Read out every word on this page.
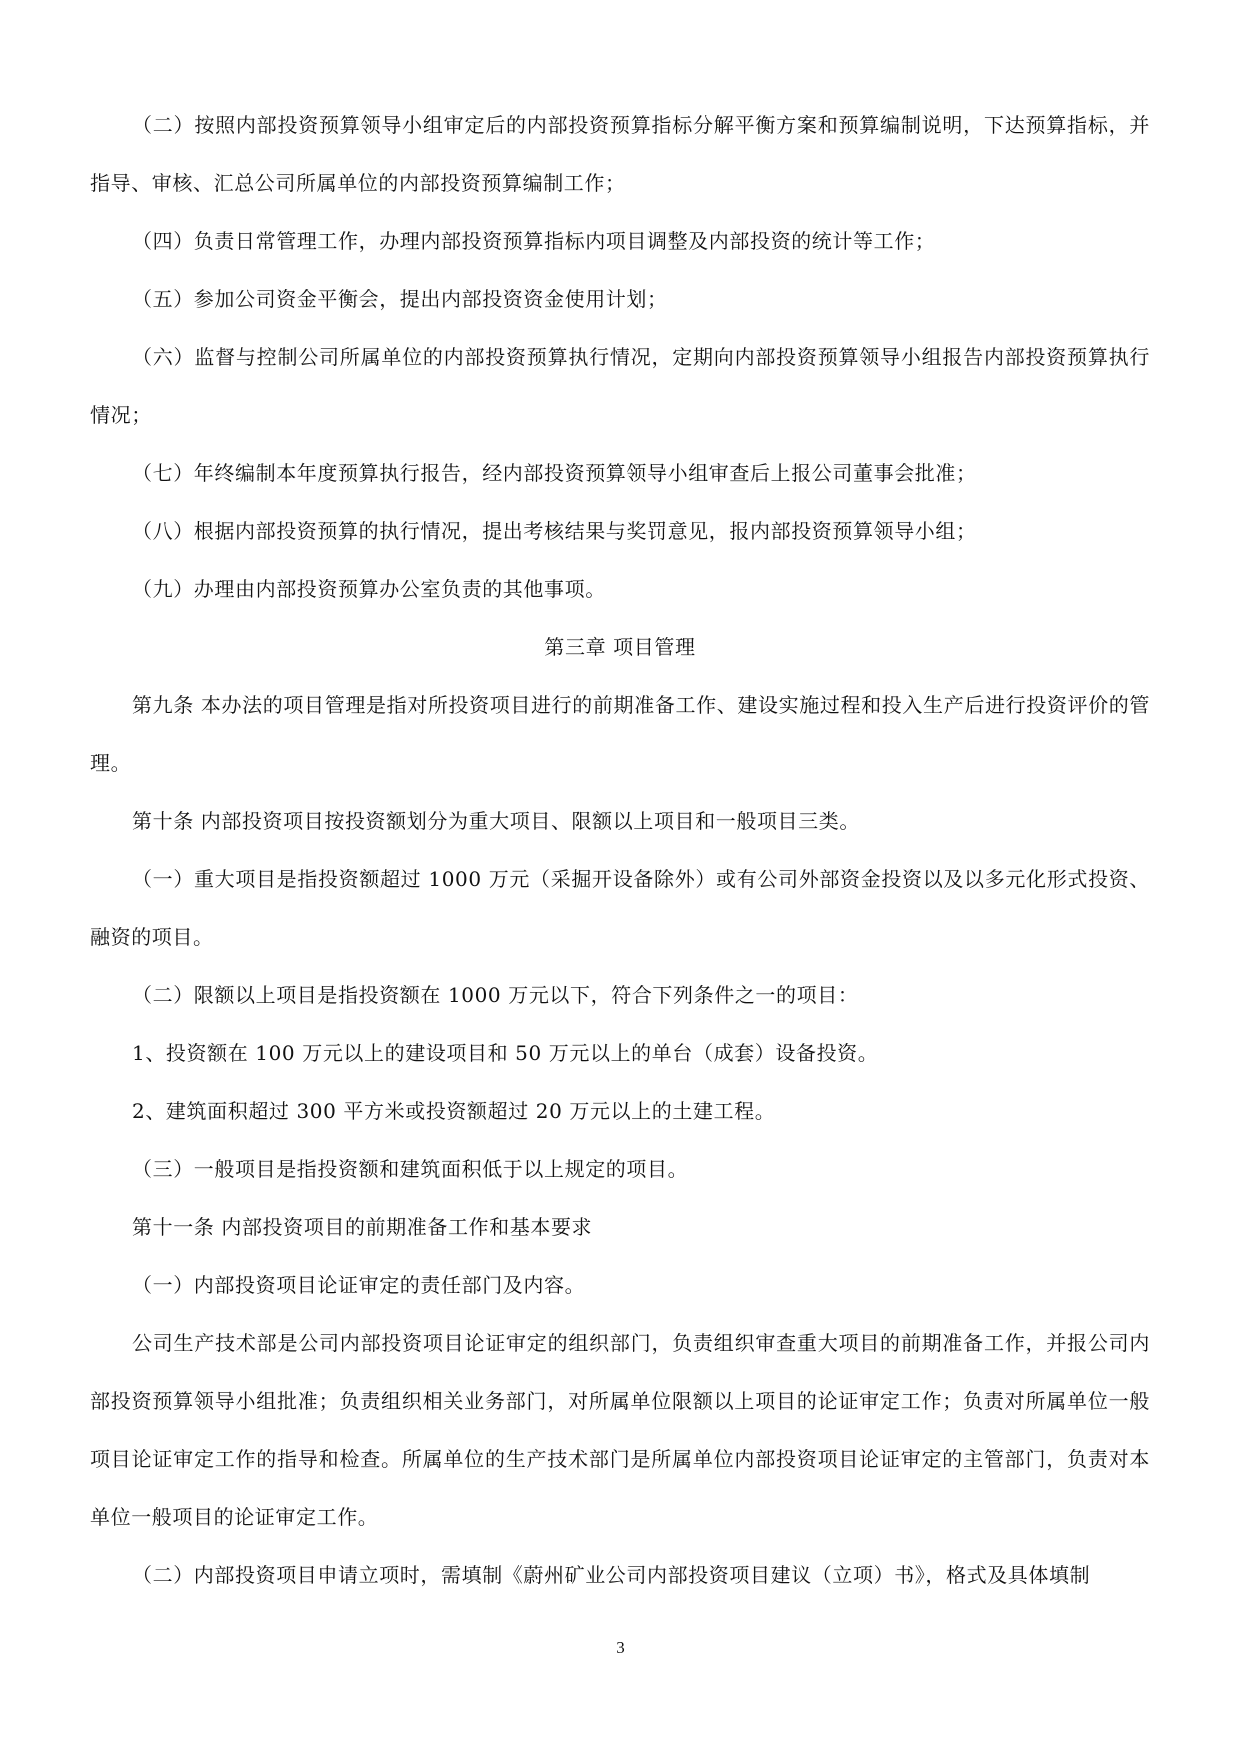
（二）按照内部投资预算领导小组审定后的内部投资预算指标分解平衡方案和预算编制说明，下达预算指标，并指导、审核、汇总公司所属单位的内部投资预算编制工作；

（四）负责日常管理工作，办理内部投资预算指标内项目调整及内部投资的统计等工作；

（五）参加公司资金平衡会，提出内部投资资金使用计划；

（六）监督与控制公司所属单位的内部投资预算执行情况，定期向内部投资预算领导小组报告内部投资预算执行情况；

（七）年终编制本年度预算执行报告，经内部投资预算领导小组审查后上报公司董事会批准；

（八）根据内部投资预算的执行情况，提出考核结果与奖罚意见，报内部投资预算领导小组；

（九）办理由内部投资预算办公室负责的其他事项。

第三章 项目管理

第九条 本办法的项目管理是指对所投资项目进行的前期准备工作、建设实施过程和投入生产后进行投资评价的管理。

第十条 内部投资项目按投资额划分为重大项目、限额以上项目和一般项目三类。

（一）重大项目是指投资额超过 1000 万元（采掘开设备除外）或有公司外部资金投资以及以多元化形式投资、融资的项目。

（二）限额以上项目是指投资额在 1000 万元以下，符合下列条件之一的项目：

1、投资额在 100 万元以上的建设项目和 50 万元以上的单台（成套）设备投资。

2、建筑面积超过 300 平方米或投资额超过 20 万元以上的土建工程。

（三）一般项目是指投资额和建筑面积低于以上规定的项目。

第十一条 内部投资项目的前期准备工作和基本要求

（一）内部投资项目论证审定的责任部门及内容。

公司生产技术部是公司内部投资项目论证审定的组织部门，负责组织审查重大项目的前期准备工作，并报公司内部投资预算领导小组批准；负责组织相关业务部门，对所属单位限额以上项目的论证审定工作；负责对所属单位一般项目论证审定工作的指导和检查。所属单位的生产技术部门是所属单位内部投资项目论证审定的主管部门，负责对本单位一般项目的论证审定工作。

（二）内部投资项目申请立项时，需填制《蔚州矿业公司内部投资项目建议（立项）书》，格式及具体填制

3
